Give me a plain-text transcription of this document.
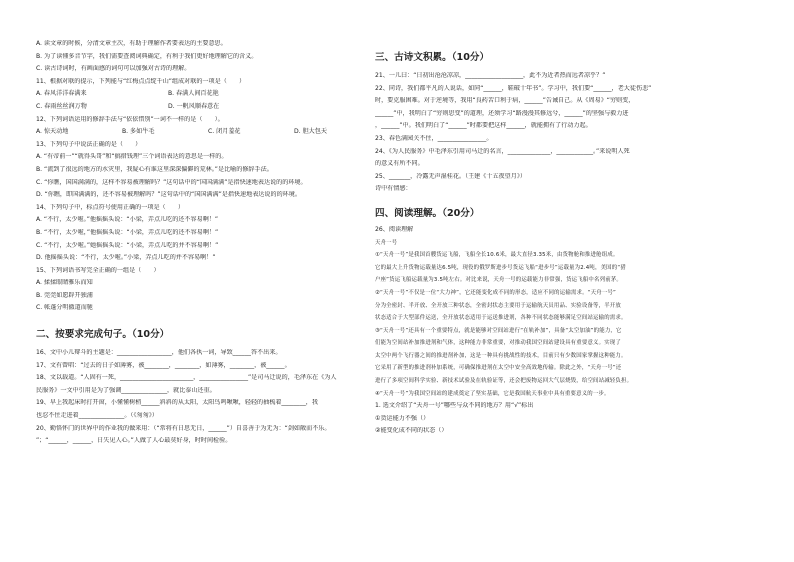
A. 读文章的时候，分清文章主次，有助于理解作者要表达的主要意思。
B. 为了读懂多音节字，我们需要查阅词典确定，有利于我们更好地理解它的含义。
C. 读古诗词时，有画面感的词句可以加强对古诗的理解。
11、根据对联的提示，下列能与“红梅点点绽千山”组成对联的一项是（　　）
A. 春风洋洋春满来	B. 春满人间百花艳
C. 春雨丝丝润万物	D. 一帆风顺春意在
12、下列词语运用的修辞手法与“依依惜别”一词不一样的是（　　）。
A. 惊天动地	B. 多如牛毛	C. 闭月羞花	D. 胆大包天
13、下列句子中说法正确的是（　　）
A. “有帝前一”“就得头哥”和“搞措钱理”三个词语表达的意思是一样的。
B. “流到了很远的地方的水灾里，我疑心有谁这里深深偏僻的荒林。”是比喻的修辞手法。
C. “你瞧，国国满满的，这样不容易被理解吗？”这句话中的“国国满满”是指快速地表达说的的环境。
D. “你瞧，即国满满的，还不容易被理解吗？”这句话中的“国国满满”是指快速地表达说的的环境。
14、下列句子中，标点符号使用正确的一项是（　　）
A. “不行，太少啦。”他摇摇头说：“小梁，弄点儿吃的还不容易啊！”
B. “不行，太少啦，”他摇摇头说：“小梁，弄点儿吃的还不容易啊！”
C. “不行，太少啦。”她摇摇头说：“小梁，弄点儿吃的并不容易啊！”
D. 他摇摇头说：“不行，太少啦。”小梁，弄点儿吃的并不容易啊！”
15、下列词语书写完全正确的一组是（　　）
A. 揉揉眼睛雅乐而知
B. 莞莞如愿辟开独浦
C. 帐蓬分明撤道而驰
二、按要求完成句子。（10分）
16、文中小儿辩斗的主题是：__________________，他们各执一词，导致______答不出来。
17、文有曾唱：“过去的日子如薄雾，被________，________，如薄雾，________，被______。
18、文以载道。“人固有一死，________________________，________________”是司马迁说的，毛泽东在《为人
民服务》一文中引用是为了强调_______________，就比泰山还重。
19、早上我起床时打开窗，小懂懂树梢______斜斜的从太阳，太阳鸟鸣啾啾，轻轻的抽梳着________，我
也忍不住走进着_______________。（《匆匆》）
20、勤恪怀门的世界中的作业我的做来用：（“常将有日思无日，______”）自喜善于为无为：“剑如敞而不乐。
”；“______，______，日失见人心。”人做了人心最莫好身，时时间检验。
三、古诗文积累。（10分）
21、一儿曰：“日初出沧沧凉凉，___________________，此不为近者热而远者凉乎？”
22、同诗，我们都平凡的人说话，如同“______，鞋破十年书”。学习中，我们要“______，老大徒伤悲”
时，要克服困难。对于逆境等，我用“良药苦口利于病，______”告诫自己。从《周易》“穷则变，
______”中，我明白了“穷则思变”的道理，还须学习“路漫漫其修远兮，______”的坚强与毅力进
，______”中。我们明白了“______”时都要把这样______，就能拥有了行动力起。
23、春色满园关不住，________________。
24、《为人民服务》中毛泽东引用司马迁的名言，______________，____________。”来说明人死
的意义有所不同。
25、_______，冷露无声湿桂花。（王建《十五夜望月》）
诗中有情感：
四、阅读理解。（20分）
26、阅读理解
天舟一号
①“天舟一号”是我国首艘货运飞船，飞船全长10.6米，最大直径3.35米，由货物舱和推进舱组成。
它的最大上升货物运载量达6.5吨，现役的俄罗斯进步号货运飞船“进步号”运载量为2.4吨，美国的“猎
户座”货运飞船运载量为3.5吨左右。对比来说，天舟一号的运载能力非常强，货运飞船中名列前茅。
②“天舟一号”不仅是一位“大力神”，它还能变化成不同的形态，适应不同的运输需求。“天舟一号”
分为全密封、半开放、全开放三种状态，全密封状态主要用于运输航天员用品、实验设备等，半开放
状态适合于大型部件运送，全开放状态适用于运送推进剂，各种不同状态能够满足空间站运输的需求。
③“天舟一号”还具有一个重要特点，就是能够对空间站进行“在轨补加”，具备“太空加油”的能力，它
们能为空间站补加推进剂和气体，这种能力非常重要，对推动我国空间站建设具有重要意义。实现了
太空中两个飞行器之间的推进剂补加，这是一种具有挑战性的技术，目前只有少数国家掌握这种能力。
它采用了新型的推进剂补加系统，可确保推进剂在太空中安全高效地传输。除此之外，“天舟一号”还
进行了多项空间科学实验、新技术试验及在轨验证等，还会把废物运回大气层烧毁，给空间站减轻负担。
④“天舟一号”为我国空间站的建成奠定了坚实基础，它是我国航天事业中具有重要意义的一步。
1. 选文介绍了“天舟一号”哪些与众不同的地方？用“√”标出
①货运能力不强（）
②能变化成不同的状态（）
